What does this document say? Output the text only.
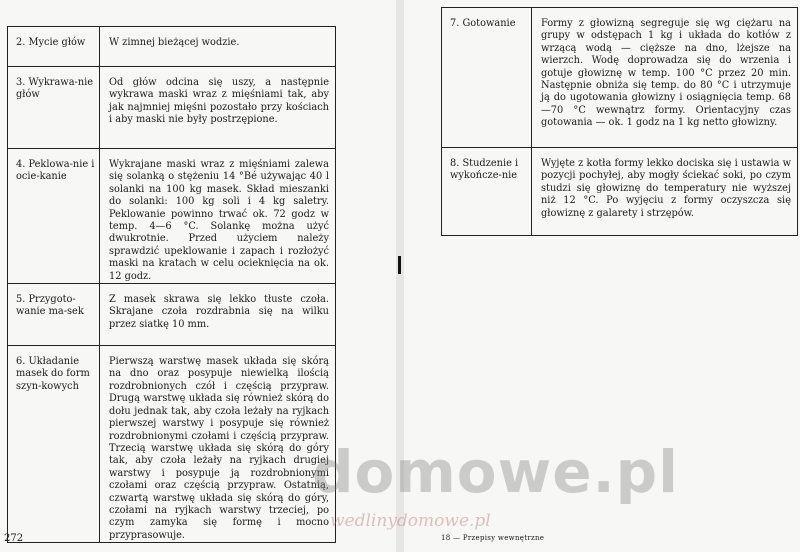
2. Mycie głów	W zimnej bieżącej wodzie.
3. Wykrawa-nie głów	Od głów odcina się uszy, a następnie wykrawa maski wraz z mięśniami tak, aby jak najmniej mięśni pozostało przy kościach i aby maski nie były postrzępione.
4. Peklowa-nie i ocie-kanie	Wykrajane maski wraz z mięśniami zalewa się solanką o stężeniu 14 °Bé używając 40 l solanki na 100 kg masek. Skład mieszanki do solanki: 100 kg soli i 4 kg saletry. Peklowanie powinno trwać ok. 72 godz w temp. 4—6 °C. Solankę można użyć dwukrotnie. Przed użyciem należy sprawdzić upeklowanie i zapach i rozłożyć maski na kratach w celu ocieknięcia na ok. 12 godz.
5. Przygoto-wanie ma-sek	Z masek skrawa się lekko tłuste czoła. Skrajane czoła rozdrabnia się na wilku przez siatkę 10 mm.
6. Układanie masek do form szyn-kowych	Pierwszą warstwę masek układa się skórą na dno oraz posypuje niewielką ilością rozdrobnionych czół i częścią przypraw. Drugą warstwę układa się również skórą do dołu jednak tak, aby czoła leżały na ryjkach pierwszej warstwy i posypuje się również rozdrobnionymi czołami i częścią przypraw. Trzecią warstwę układa się skórą do góry tak, aby czoła leżały na ryjkach drugiej warstwy i posypuje ją rozdrobnionymi czołami oraz częścią przypraw. Ostatnią, czwartą warstwę układa się skórą do góry, czołami na ryjkach warstwy trzeciej, po czym zamyka się formę i mocno przyprasowuje.
272
7. Gotowanie	Formy z głowizną segreguje się wg ciężaru na grupy w odstępach 1 kg i układa do kotłów z wrzącą wodą — cięższe na dno, lżejsze na wierzch. Wodę doprowadza się do wrzenia i gotuje głowiznę w temp. 100 °C przez 20 min. Następnie obniża się temp. do 80 °C i utrzymuje ją do ugotowania głowizny i osiągnięcia temp. 68—70 °C wewnątrz formy. Orientacyjny czas gotowania — ok. 1 godz na 1 kg netto głowizny.
8. Studzenie i wykończe-nie	Wyjęte z kotła formy lekko dociska się i ustawia w pozycji pochyłej, aby mogły ściekać soki, po czym studzi się głowiznę do temperatury nie wyższej niż 12 °C. Po wyjęciu z formy oczyszcza się głowiznę z galarety i strzępów.
18 — Przepisy wewnętrzne
domowe.pl
wedlinydomowe.pl
